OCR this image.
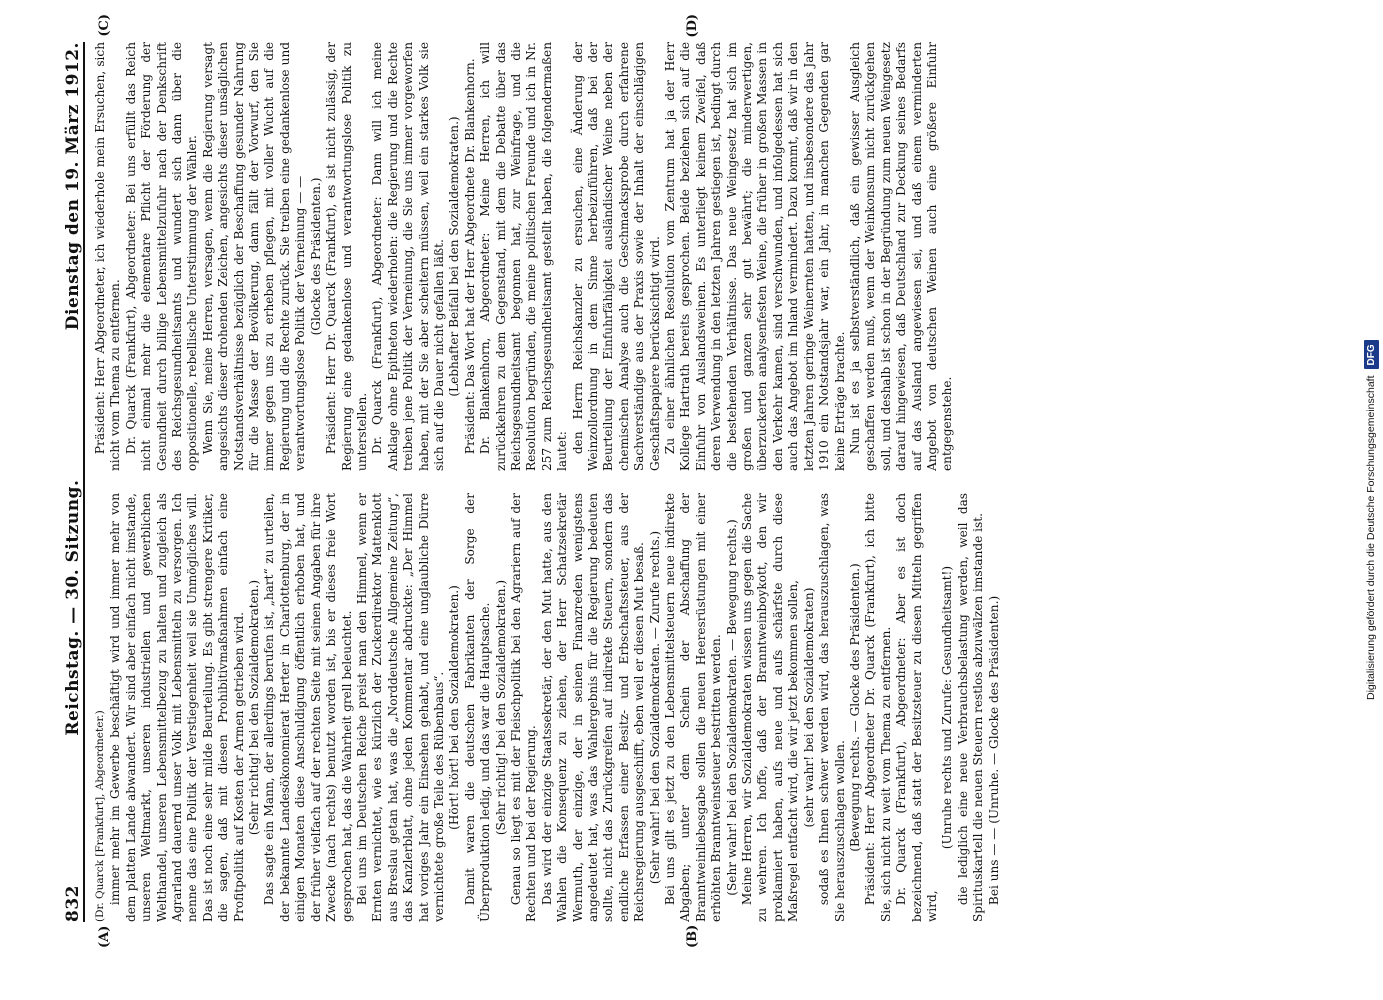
832
Reichstag. — 30. Sitzung.
Dienstag den 19. März 1912.

(Dr. Quarck [Frankfurt], Abgeordneter.) immer mehr im Gewerbe beschäftigt wird und immer mehr von dem platten Lande abwandert. Wir sind aber einfach nicht imstande, unseren Weltmarkt, unseren industriellen und gewerblichen Welthandel, unseren Lebensmittelbezug zu halten und zugleich als Agrarland dauernd unser Volk mit Lebensmitteln zu versorgen. Ich nenne das eine Politik der Verstiegenheit weil sie Unmögliches will. Das ist noch eine sehr milde Beurteilung. Es gibt strengere Kritiker, die sagen, daß mit diesen Prohibitivmaßnahmen einfach eine Profitpolitik auf Kosten der Armen getrieben wird. (Sehr richtig! bei den Sozialdemokraten.) Das sagte ein Mann, der allerdings berufen ist, „hart“ zu urteilen, der bekannte Landesökonomierat Herter in Charlottenburg, der in einigen Monaten diese Anschuldigung öffentlich erhoben hat, und der früher vielfach auf der rechten Seite mit seinen Angaben für ihre Zwecke (nach rechts) benutzt worden ist, bis er dieses freie Wort gesprochen hat, das die Wahrheit grell beleuchtet. Bei uns im Deutschen Reiche preist man den Himmel, wenn er Ernten vernichtet, wie es kürzlich der Zuckerdirektor Mattenklott aus Breslau getan hat, was die „Norddeutsche Allgemeine Zeitung“, das Kanzlerblatt, ohne jeden Kommentar abdruckte: „Der Himmel hat voriges Jahr ein Einsehen gehabt, und eine unglaubliche Dürre vernichtete große Teile des Rübenbaus“. (Hört! hört! bei den Sozialdemokraten.) Damit waren die deutschen Fabrikanten der Sorge der Überproduktion ledig, und das war die Hauptsache. (Sehr richtig! bei den Sozialdemokraten.) Genau so liegt es mit der Fleischpolitik bei den Agrariern auf der Rechten und bei der Regierung. Das wird der einzige Staatssekretär, der den Mut hatte, aus den Wahlen die Konsequenz zu ziehen, der Herr Schatzsekretär Wermuth, der einzige, der in seinen Finanzreden wenigstens angedeutet hat, was das Wahlergebnis für die Regierung bedeuten sollte, nicht das Zurückgreifen auf indirekte Steuern, sondern das endliche Erfassen einer Besitz- und Erbschaftssteuer, aus der Reichsregierung ausgeschifft, eben weil er diesen Mut besaß. (Sehr wahr! bei den Sozialdemokraten. — Zurufe rechts.) Bei uns gilt es jetzt zu den Lebensmittelsteuern neue indirekte Abgaben; unter dem Schein der Abschaffung der Branntweinliebesgabe sollen die neuen Heeresrüstungen mit einer erhöhten Branntweinsteuer bestritten werden. (Sehr wahr! bei den Sozialdemokraten. — Bewegung rechts.) Meine Herren, wir Sozialdemokraten wissen uns gegen die Sache zu wehren. Ich hoffe, daß der Branntweinboykott, den wir proklamiert haben, aufs neue und aufs schärfste durch diese Maßregel entfacht wird, die wir jetzt bekommen sollen, (sehr wahr! bei den Sozialdemokraten) sodaß es Ihnen schwer werden wird, das herauszuschlagen, was Sie herauszuschlagen wollen. (Bewegung rechts. — Glocke des Präsidenten.) Präsident: Herr Abgeordneter Dr. Quarck (Frankfurt), ich bitte Sie, sich nicht zu weit vom Thema zu entfernen. Dr. Quarck (Frankfurt), Abgeordneter: Aber es ist doch bezeichnend, daß statt der Besitzsteuer zu diesen Mitteln gegriffen wird,

(Unruhe rechts und Zurufe: Gesundheitsamt!) die lediglich eine neue Verbrauchsbelastung werden, weil das Spirituskartell die neuen Steuern restlos abzuwälzen imstande ist. Bei uns — — (Unruhe. — Glocke des Präsidenten.)

Präsident: Herr Abgeordneter, ich wiederhole mein Ersuchen, sich nicht vom Thema zu entfernen. Dr. Quarck (Frankfurt), Abgeordneter: Bei uns erfüllt das Reich nicht einmal mehr die elementare Pflicht der Förderung der Gesundheit durch billige Lebensmittelzufuhr nach der Denkschrift des Reichsgesundheitsamts und wundert sich dann über die oppositionelle, rebellische Unterstimmung der Wähler. Wenn Sie, meine Herren, versagen, wenn die Regierung versagt angesichts dieser drohenden Zeichen, angesichts dieser unsäglichen Notstandsverhältnisse bezüglich der Beschaffung gesunder Nahrung für die Masse der Bevölkerung, dann fällt der Vorwurf, den Sie immer gegen uns zu erheben pflegen, mit voller Wucht auf die Regierung und die Rechte zurück. Sie treiben eine gedankenlose und verantwortungslose Politik der Verneinung — — (Glocke des Präsidenten.) Präsident: Herr Dr. Quarck (Frankfurt), es ist nicht zulässig, der Regierung eine gedankenlose und verantwortungslose Politik zu unterstellen. Dr. Quarck (Frankfurt), Abgeordneter: Dann will ich meine Anklage ohne Epitheton wiederholen: die Regierung und die Rechte treiben jene Politik der Verneinung, die Sie uns immer vorgeworfen haben, mit der Sie aber scheitern müssen, weil ein starkes Volk sie sich auf die Dauer nicht gefallen läßt. (Lebhafter Beifall bei den Sozialdemokraten.) Präsident: Das Wort hat der Herr Abgeordnete Dr. Blankenhorn. Dr. Blankenhorn, Abgeordneter: Meine Herren, ich will zurückkehren zu dem Gegenstand, mit dem die Debatte über das Reichsgesundheitsamt begonnen hat, zur Weinfrage, und die Resolution begründen, die meine politischen Freunde und ich in Nr. 257 zum Reichsgesundheitsamt gestellt haben, die folgendermaßen lautet: den Herrn Reichskanzler zu ersuchen, eine Änderung der Weinzollordnung in dem Sinne herbeizuführen, daß bei der Beurteilung der Einfuhrfähigkeit ausländischer Weine neben der chemischen Analyse auch die Geschmacksprobe durch erfahrene Sachverständige aus der Praxis sowie der Inhalt der einschlägigen Geschäftspapiere berücksichtigt wird. Zu einer ähnlichen Resolution vom Zentrum hat ja der Herr Kollege Hartrath bereits gesprochen. Beide beziehen sich auf die Einfuhr von Auslandsweinen. Es unterliegt keinem Zweifel, daß deren Verwendung in den letzten Jahren gestiegen ist, bedingt durch die bestehenden Verhältnisse. Das neue Weingesetz hat sich im großen und ganzen sehr gut bewährt; die minderwertigen, überzuckerten analysenfesten Weine, die früher in großen Massen in den Verkehr kamen, sind verschwunden, und infolgedessen hat sich auch das Angebot im Inland vermindert. Dazu kommt, daß wir in den letzten Jahren geringe Weinernten hatten, und insbesondere das Jahr 1910 ein Notstandsjahr war, ein Jahr, in manchen Gegenden gar keine Erträge brachte. Nun ist es ja selbstverständlich, daß ein gewisser Ausgleich geschaffen werden muß, wenn der Weinkonsum nicht zurückgehen soll, und deshalb ist schon in der Begründung zum neuen Weingesetz darauf hingewiesen, daß Deutschland zur Deckung seines Bedarfs auf das Ausland angewiesen sei, und daß einem verminderten Angebot von deutschen Weinen auch eine größere Einfuhr entgegenstehe.

(A)	(B)
(C)	(D)
Digitalisierung gefördert durch die Deutsche Forschungsgemeinschaft
DFG
